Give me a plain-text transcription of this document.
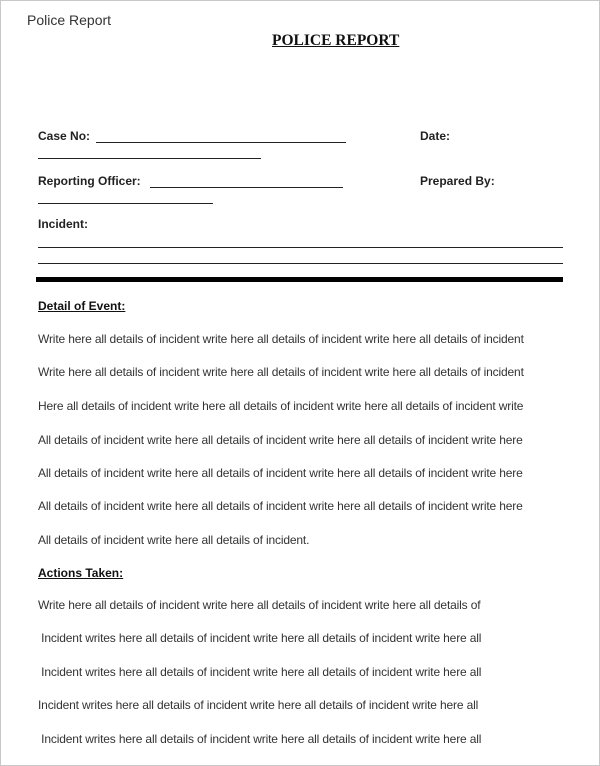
Police Report
POLICE REPORT
Case No:	Date:
Reporting Officer:	Prepared By:
Incident:
Detail of Event:
Write here all details of incident write here all details of incident write here all details of incident
Write here all details of incident write here all details of incident write here all details of incident
Here all details of incident write here all details of incident write here all details of incident write
All details of incident write here all details of incident write here all details of incident write here
All details of incident write here all details of incident write here all details of incident write here
All details of incident write here all details of incident write here all details of incident write here
All details of incident write here all details of incident.
Actions Taken:
Write here all details of incident write here all details of incident write here all details of
Incident writes here all details of incident write here all details of incident write here all
Incident writes here all details of incident write here all details of incident write here all
Incident writes here all details of incident write here all details of incident write here all
Incident writes here all details of incident write here all details of incident write here all
